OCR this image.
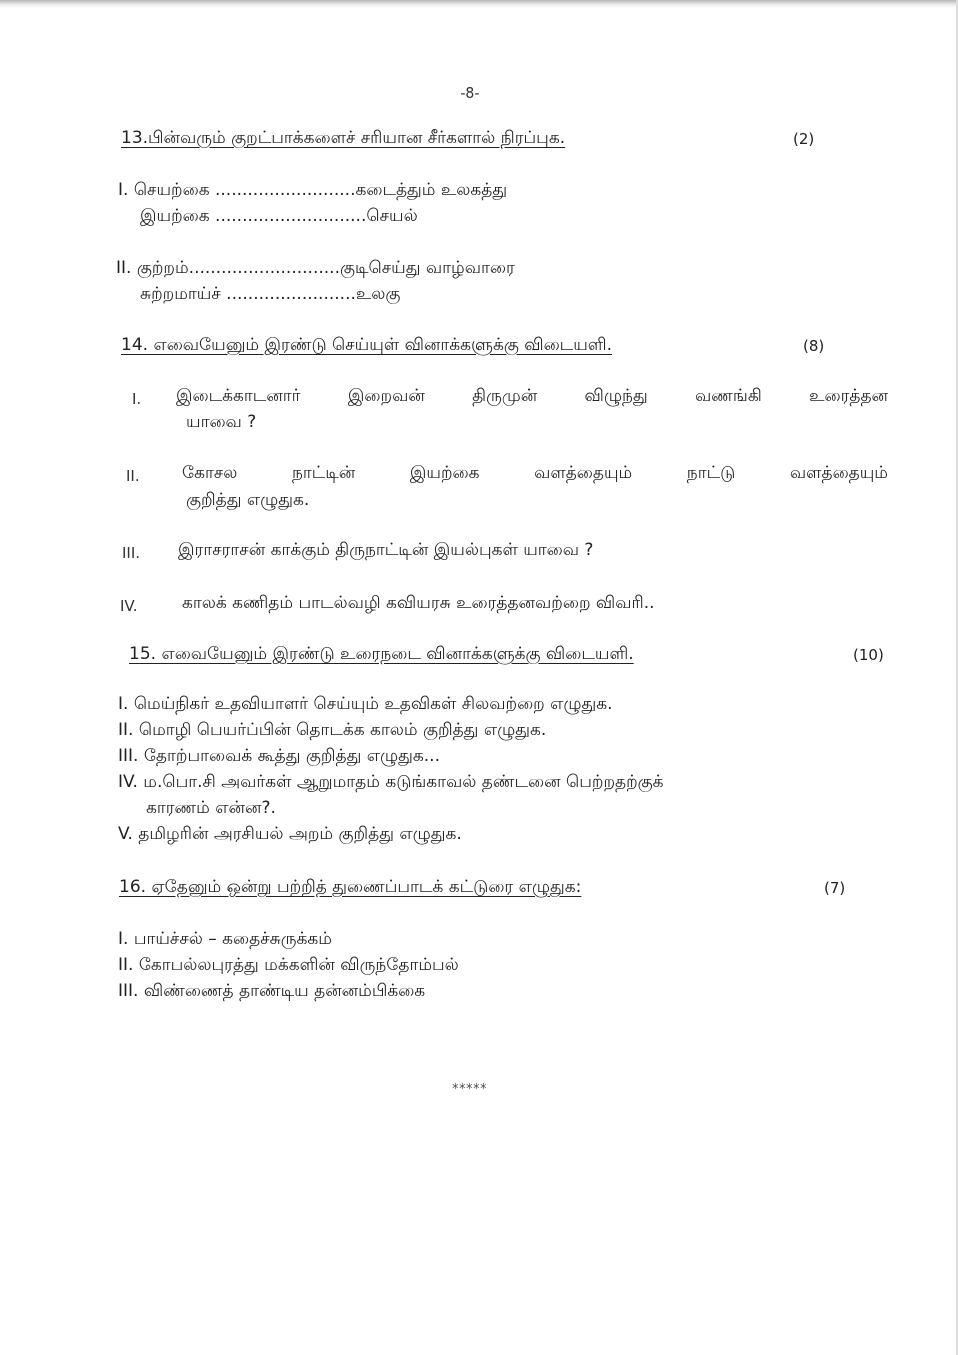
-8-
13.பின்வரும் குறட்பாக்களைச் சரியான சீர்களால் நிரப்புக.	(2)
I. செயற்கை ..........................கடைத்தும் உலகத்து
இயற்கை ............................செயல்
II. குற்றம்............................குடிசெய்து வாழ்வாரை
சுற்றமாய்ச் ........................உலகு
14. எவையேனும் இரண்டு செய்யுள் வினாக்களுக்கு விடையளி.	(8)
I. இடைக்காடனார் இறைவன் திருமுன் விழுந்து வணங்கி உரைத்தன
யாவை ?
II. கோசல நாட்டின் இயற்கை வளத்தையும் நாட்டு வளத்தையும்
குறித்து எழுதுக.
III. இராசராசன் காக்கும் திருநாட்டின் இயல்புகள் யாவை ?
IV.	காலக் கணிதம் பாடல்வழி கவியரசு உரைத்தனவற்றை விவரி..
15. எவையேனும் இரண்டு உரைநடை வினாக்களுக்கு விடையளி.	(10)
I. மெய்நிகர் உதவியாளர் செய்யும் உதவிகள் சிலவற்றை எழுதுக.
II. மொழி பெயர்ப்பின் தொடக்க காலம் குறித்து எழுதுக.
III. தோற்பாவைக் கூத்து குறித்து எழுதுக...
IV. ம.பொ.சி அவர்கள் ஆறுமாதம் கடுங்காவல் தண்டனை பெற்றதற்குக்
காரணம் என்ன?.
V. தமிழரின் அரசியல் அறம் குறித்து எழுதுக.
16. ஏதேனும் ஒன்று பற்றித் துணைப்பாடக் கட்டுரை எழுதுக:	(7)
I. பாய்ச்சல் – கதைச்சுருக்கம்
II. கோபல்லபுரத்து மக்களின் விருந்தோம்பல்
III. விண்ணைத் தாண்டிய தன்னம்பிக்கை
*****
